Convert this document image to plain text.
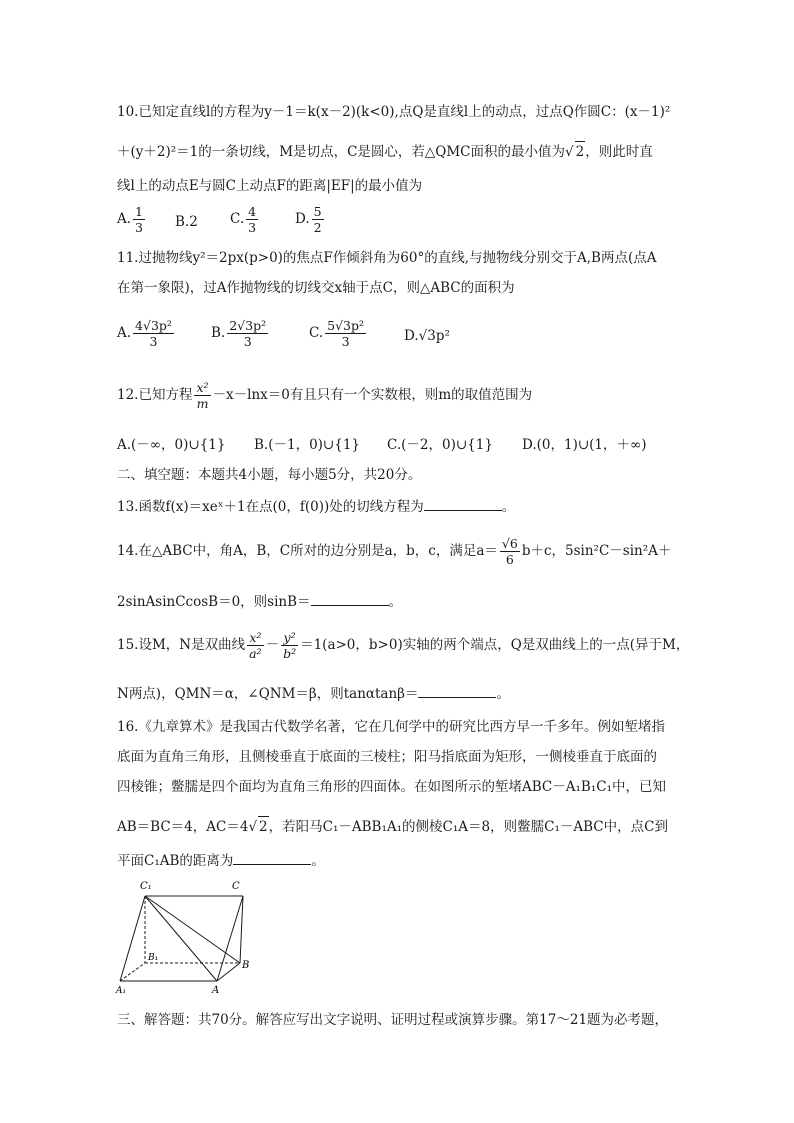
10.已知定直线l的方程为y－1＝k(x－2)(k<0),点Q是直线l上的动点，过点Q作圆C：(x－1)²
＋(y＋2)²＝1的一条切线，M是切点，C是圆心，若△QMC面积的最小值为√ 2，则此时直
线l上的动点E与圆C上动点F的距离|EF|的最小值为
A. $\frac{1}{3} B.2$ C. $\frac{4}{3}$	D. $\frac{5}{2}$
11.过抛物线y²＝2px(p>0)的焦点F作倾斜角为60°的直线,与抛物线分别交于A,B两点(点A
在第一象限)，过A作抛物线的切线交x轴于点C，则△ABC的面积为
A. $\frac{\text{4√3p²}}{3}$	B. $\frac{\text{2√3p²}}{3}$	C. $\frac{\text{5√3p²}}{3}$	D.√3p²
12.已知方程 $\frac{\text{x²}}{m} -x-\ln x=0$有且只有一个实数根，则m的取值范围为
A.(－∞，0)∪{1} B.(－1，0)∪{1} C.(－2，0)∪{1} D.(0，1)∪(1，＋∞)
二、填空题：本题共4小题，每小题5分，共20分。
13.函数f(x)＝xeˣ＋1在点(0，f(0))处的切线方程为	。
14.在△ABC中，角A，B，C所对的边分别是a，b，c，满足$a= \frac{√6}{6} b+c$，5sin²C－sin²A＋
2sinAsinCcosB＝0，则sinB＝	。
15.设M，N是双曲线 $\frac{\text{x²}}{\text{a²}} - \frac{\text{y²}}{\text{b²}} =1(a>0$，b>0)实轴的两个端点，Q是双曲线上的一点(异于M，
N两点)，QMN＝α，∠QNM＝β，则tanαtanβ＝	。
16.《九章算术》是我国古代数学名著，它在几何学中的研究比西方早一千多年。例如堑堵指
底面为直角三角形，且侧棱垂直于底面的三棱柱；阳马指底面为矩形，一侧棱垂直于底面的
四棱锥；鳖臑是四个面均为直角三角形的四面体。在如图所示的堑堵ABC－A₁B₁C₁中，已知
AB＝BC＝4，AC＝4√ 2，若阳马C₁－ABB₁A₁的侧棱C₁A＝8，则鳖臑C₁－ABC中，点C到
平面C₁AB的距离为	。
C₁	C
B₁
B
A₁	A
三、解答题：共70分。解答应写出文字说明、证明过程或演算步骤。第17～21题为必考题，
